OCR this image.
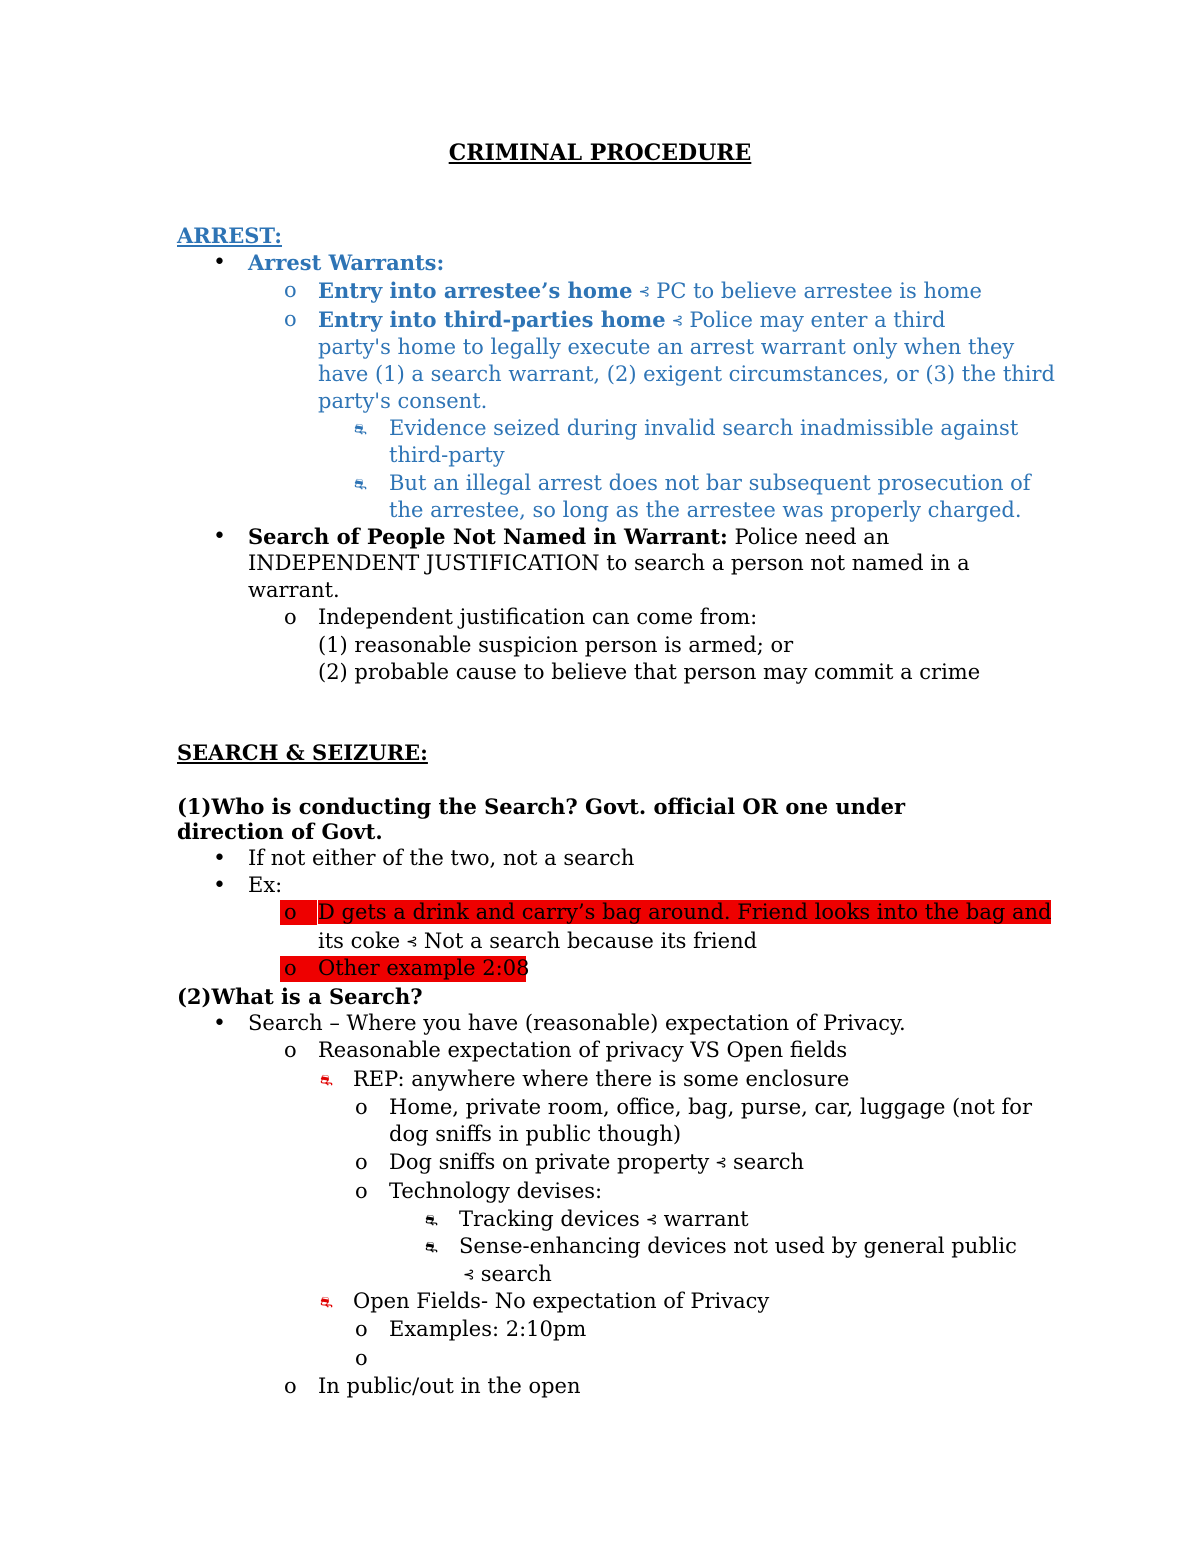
CRIMINAL PROCEDURE
ARREST:
• Arrest Warrants:
o Entry into arrestee’s home ⊰ PC to believe arrestee is home
o Entry into third-parties home ⊰ Police may enter a third
party's home to legally execute an arrest warrant only when they
have (1) a search warrant, (2) exigent circumstances, or (3) the third
party's consent.
⛐ Evidence seized during invalid search inadmissible against
third-party
⛐ But an illegal arrest does not bar subsequent prosecution of
the arrestee, so long as the arrestee was properly charged.
• Search of People Not Named in Warrant: Police need an
INDEPENDENT JUSTIFICATION to search a person not named in a
warrant.
o Independent justification can come from:
(1) reasonable suspicion person is armed; or
(2) probable cause to believe that person may commit a crime
SEARCH & SEIZURE:
(1)Who is conducting the Search? Govt. official OR one under
direction of Govt.
• If not either of the two, not a search
• Ex:
o D gets a drink and carry’s bag around. Friend looks into the bag and
its coke ⊰ Not a search because its friend
o Other example 2:08
(2)What is a Search?
• Search – Where you have (reasonable) expectation of Privacy.
o Reasonable expectation of privacy VS Open fields
⛐ REP: anywhere where there is some enclosure
o Home, private room, office, bag, purse, car, luggage (not for
dog sniffs in public though)
o Dog sniffs on private property ⊰ search
o Technology devises:
⛐ Tracking devices ⊰ warrant
⛐ Sense-enhancing devices not used by general public
⊰ search
⛐ Open Fields- No expectation of Privacy
o Examples: 2:10pm
o
o In public/out in the open
